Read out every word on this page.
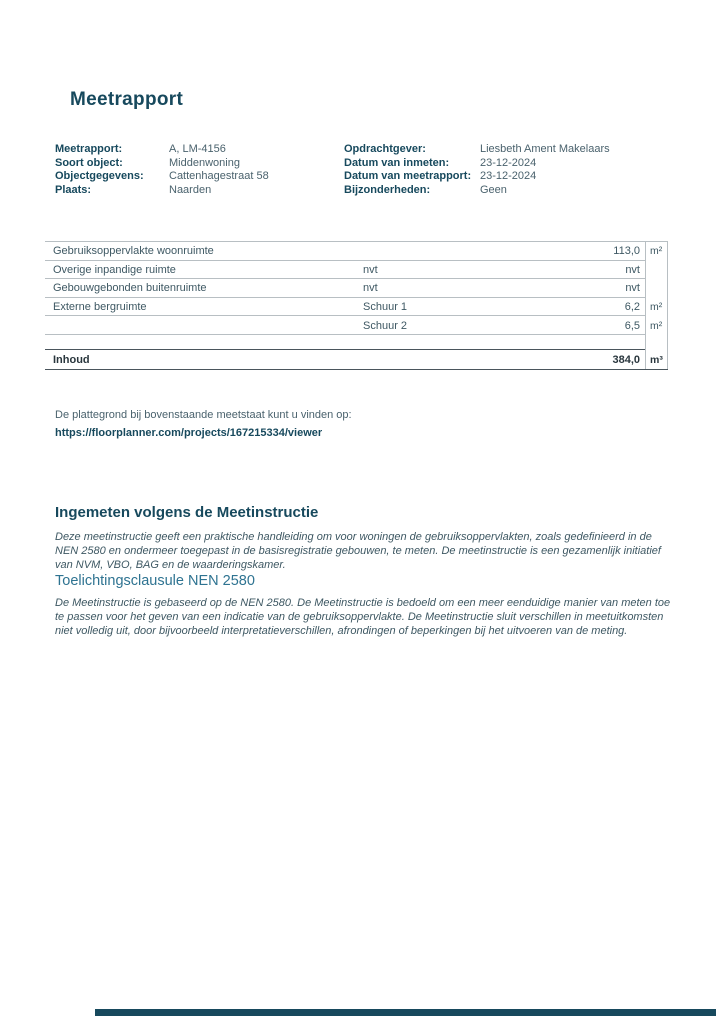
Meetrapport
Meetrapport:	A, LM-4156
Soort object:	Middenwoning
Objectgegevens:	Cattenhagestraat 58
Plaats:	Naarden
Opdrachtgever:	Liesbeth Ament Makelaars
Datum van inmeten:	23-12-2024
Datum van meetrapport: 23-12-2024
Bijzonderheden:	Geen
Gebruiksoppervlakte woonruimte	113,0 m²
Overige inpandige ruimte	nvt	nvt
Gebouwgebonden buitenruimte	nvt	nvt
Externe bergruimte	Schuur 1	6,2 m²
Schuur 2	6,5 m²
Inhoud	384,0 m³
De plattegrond bij bovenstaande meetstaat kunt u vinden op:
https://floorplanner.com/projects/167215334/viewer
Ingemeten volgens de Meetinstructie
Deze meetinstructie geeft een praktische handleiding om voor woningen de gebruiksoppervlakten, zoals gedefinieerd in de NEN 2580 en ondermeer toegepast in de basisregistratie gebouwen, te meten. De meetinstructie is een gezamenlijk initiatief van NVM, VBO, BAG en de waarderingskamer.
Toelichtingsclausule NEN 2580
De Meetinstructie is gebaseerd op de NEN 2580. De Meetinstructie is bedoeld om een meer eenduidige manier van meten toe te passen voor het geven van een indicatie van de gebruiksoppervlakte. De Meetinstructie sluit verschillen in meetuitkomsten niet volledig uit, door bijvoorbeeld interpretatieverschillen, afrondingen of beperkingen bij het uitvoeren van de meting.
